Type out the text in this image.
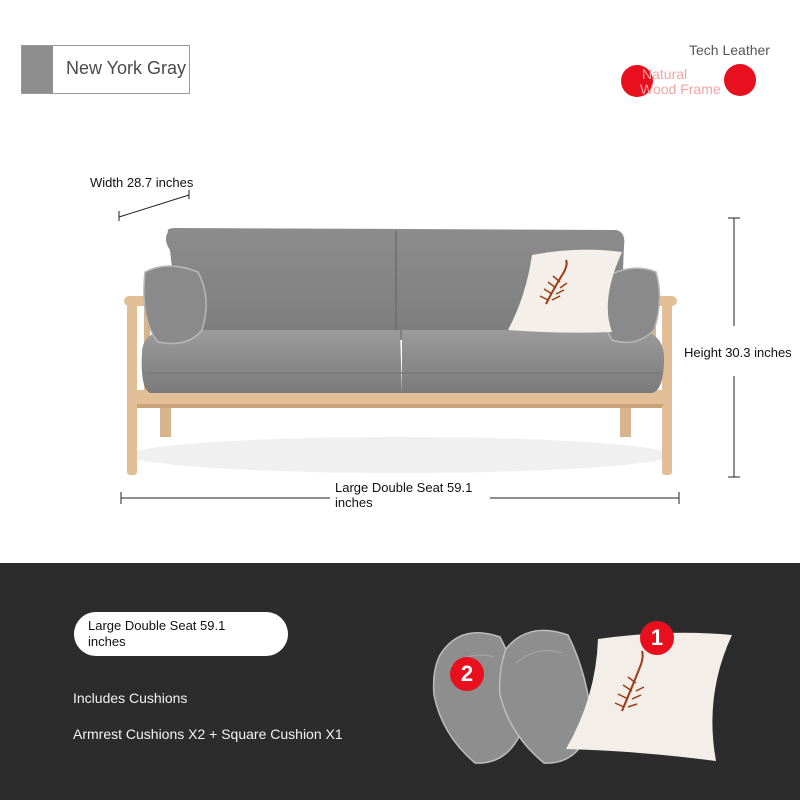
New York Gray
Tech Leather
Natural
Wood Frame
Width 28.7 inches
Height 30.3 inches
Large Double Seat 59.1
inches
Large Double Seat 59.1
inches
Includes Cushions
Armrest Cushions X2 + Square Cushion X1
1
2
